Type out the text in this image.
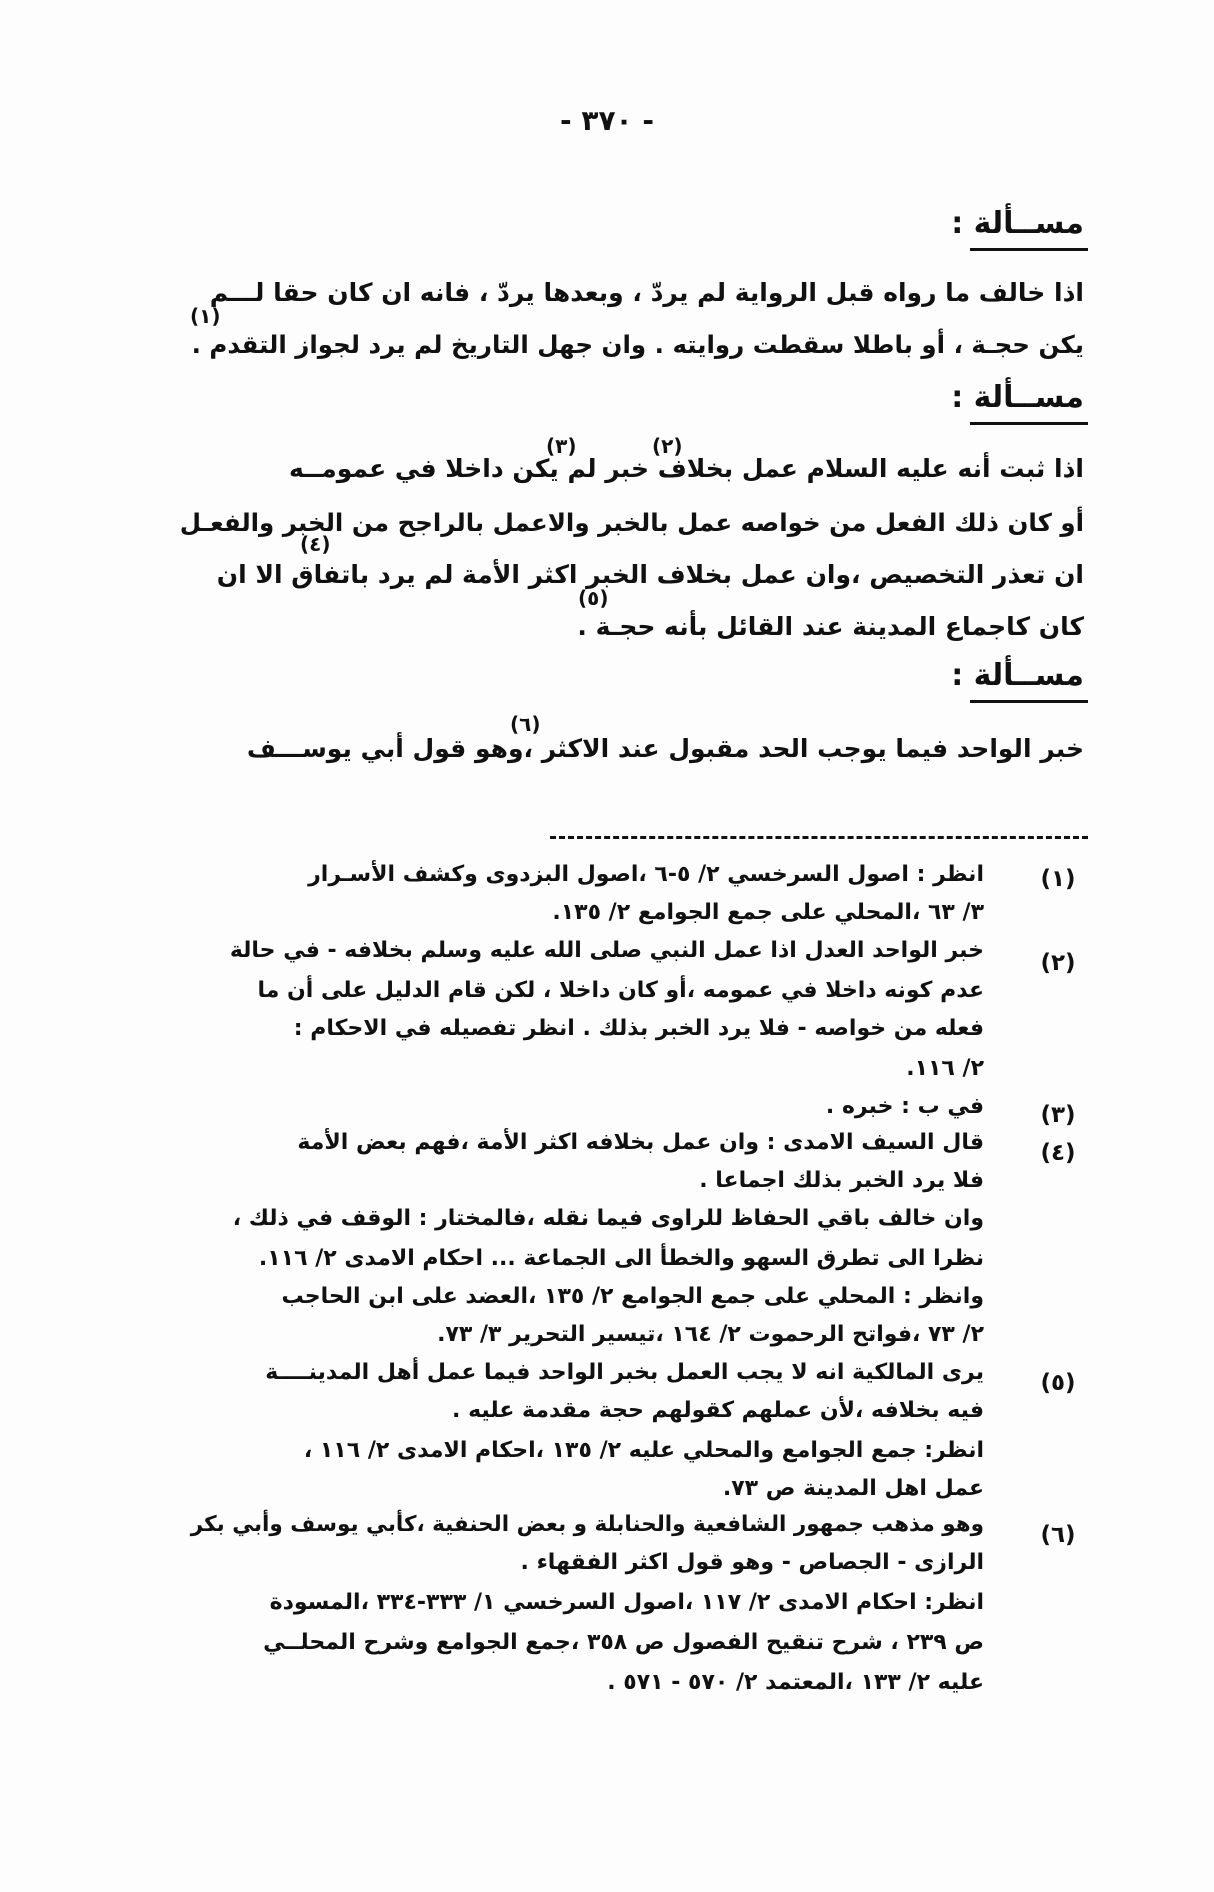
- ٣٧٠ -
مســألة :
اذا خالف ما رواه قبل الرواية لم يردّ ، وبعدها يردّ ، فانه ان كان حقا لـــم
(١)
يكن حجـة ، أو باطلا سقطت روايته . وان جهل التاريخ لم يرد لجواز التقدم .
مســألة :
(٢)
(٣)
اذا ثبت أنه عليه السلام عمل بخلاف خبر لم يكن داخلا في عمومــه
أو كان ذلك الفعل من خواصه عمل بالخبر والاعمل بالراجح من الخبر والفعـل
(٤)
ان تعذر التخصيص ،وان عمل بخلاف الخبر اكثر الأمة لم يرد باتفاق الا ان
(٥)
كان كاجماع المدينة عند القائل بأنه حجـة .
مســألة :
(٦)
خبر الواحد فيما يوجب الحد مقبول عند الاكثر ،وهو قول أبي يوســـف
(١)
انظر : اصول السرخسي ٢/ ٥-٦ ،اصول البزدوى وكشف الأسـرار
٣/ ٦٣ ،المحلي على جمع الجوامع ٢/ ١٣٥.
(٢)
خبر الواحد العدل اذا عمل النبي صلى الله عليه وسلم بخلافه - في حالة
عدم كونه داخلا في عمومه ،أو كان داخلا ، لكن قام الدليل على أن ما
فعله من خواصه - فلا يرد الخبر بذلك . انظر تفصيله في الاحكام :
٢/ ١١٦.
(٣)
في ب : خبره .
(٤)
قال السيف الامدى : وان عمل بخلافه اكثر الأمة ،فهم بعض الأمة
فلا يرد الخبر بذلك اجماعا .
وان خالف باقي الحفاظ للراوى فيما نقله ،فالمختار : الوقف في ذلك ،
نظرا الى تطرق السهو والخطأ الى الجماعة ... احكام الامدى ٢/ ١١٦.
وانظر : المحلي على جمع الجوامع ٢/ ١٣٥ ،العضد على ابن الحاجب
٢/ ٧٣ ،فواتح الرحموت ٢/ ١٦٤ ،تيسير التحرير ٣/ ٧٣.
(٥)
يرى المالكية انه لا يجب العمل بخبر الواحد فيما عمل أهل المدينــــة
فيه بخلافه ،لأن عملهم كقولهم حجة مقدمة عليه .
انظر: جمع الجوامع والمحلي عليه ٢/ ١٣٥ ،احكام الامدى ٢/ ١١٦ ،
عمل اهل المدينة ص ٧٣.
(٦)
وهو مذهب جمهور الشافعية والحنابلة و بعض الحنفية ،كأبي يوسف وأبي بكر
الرازى - الجصاص - وهو قول اكثر الفقهاء .
انظر: احكام الامدى ٢/ ١١٧ ،اصول السرخسي ١/ ٣٣٣-٣٣٤ ،المسودة
ص ٢٣٩ ، شرح تنقيح الفصول ص ٣٥٨ ،جمع الجوامع وشرح المحلــي
عليه ٢/ ١٣٣ ،المعتمد ٢/ ٥٧٠ - ٥٧١ .
